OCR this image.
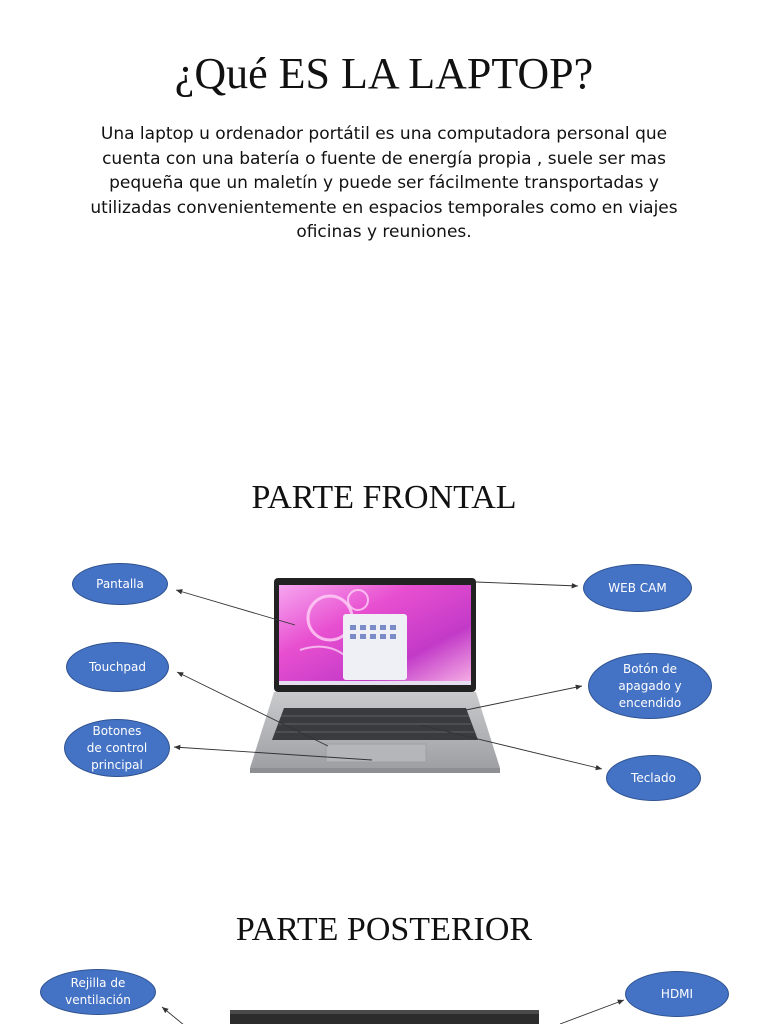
¿Qué ES LA LAPTOP?

Una laptop u ordenador portátil es una computadora personal que cuenta con una batería o fuente de energía propia , suele ser mas pequeña que un maletín y puede ser fácilmente transportadas y utilizadas convenientemente en espacios temporales como en viajes oficinas y reuniones.

PARTE FRONTAL
Pantalla	WEB CAM
Touchpad	Botón de
apagado y
encendido
Botones
de control
principal
Teclado
PARTE POSTERIOR
Rejilla de
ventilación	HDMI
